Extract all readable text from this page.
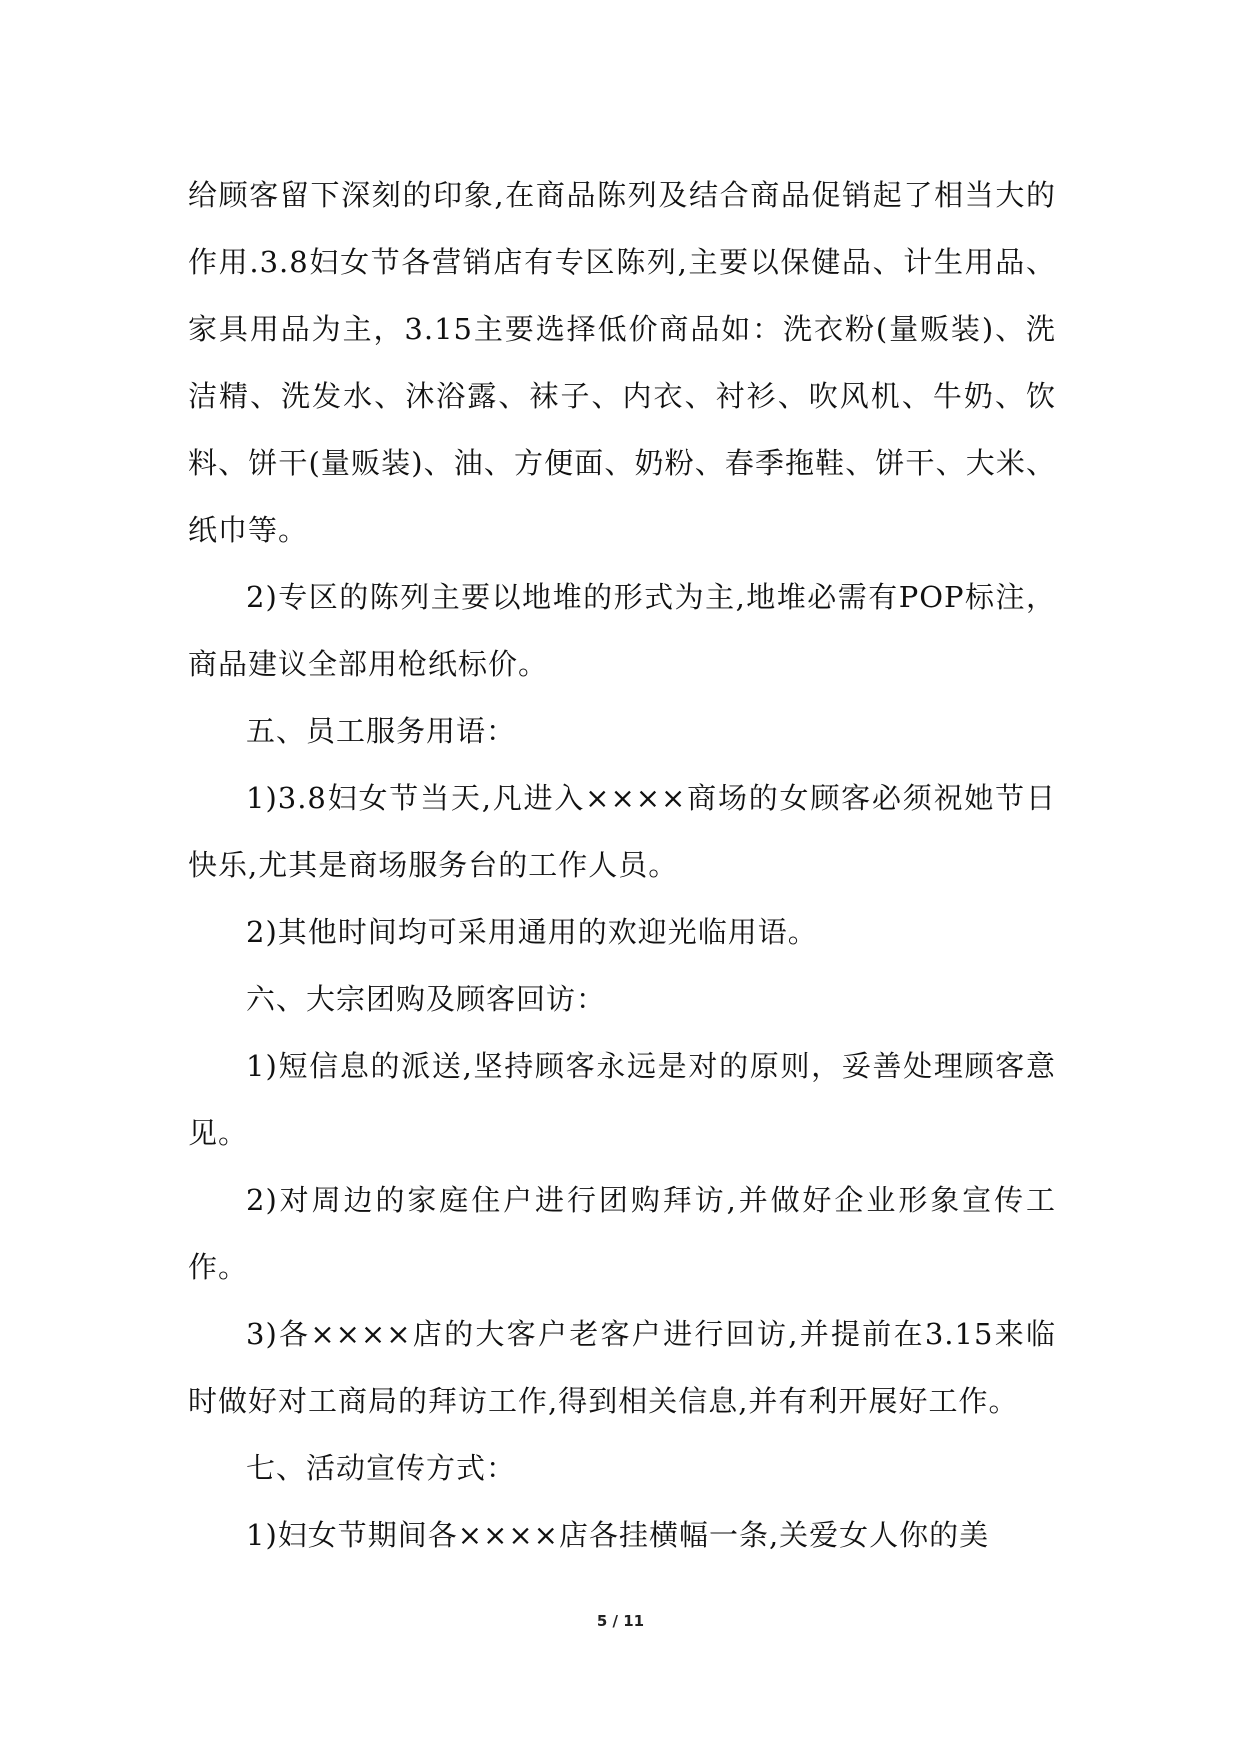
给顾客留下深刻的印象,在商品陈列及结合商品促销起了相当大的作用.3.8妇女节各营销店有专区陈列,主要以保健品、计生用品、家具用品为主，3.15主要选择低价商品如：洗衣粉(量贩装)、洗洁精、洗发水、沐浴露、袜子、内衣、衬衫、吹风机、牛奶、饮料、饼干(量贩装)、油、方便面、奶粉、春季拖鞋、饼干、大米、纸巾等。

2)专区的陈列主要以地堆的形式为主,地堆必需有POP标注，商品建议全部用枪纸标价。

五、员工服务用语：

1)3.8妇女节当天,凡进入××××商场的女顾客必须祝她节日快乐,尤其是商场服务台的工作人员。

2)其他时间均可采用通用的欢迎光临用语。

六、大宗团购及顾客回访：

1)短信息的派送,坚持顾客永远是对的原则，妥善处理顾客意见。

2)对周边的家庭住户进行团购拜访,并做好企业形象宣传工作。

3)各××××店的大客户老客户进行回访,并提前在3.15来临时做好对工商局的拜访工作,得到相关信息,并有利开展好工作。

七、活动宣传方式：

1)妇女节期间各××××店各挂横幅一条,关爱女人你的美

5 / 11
